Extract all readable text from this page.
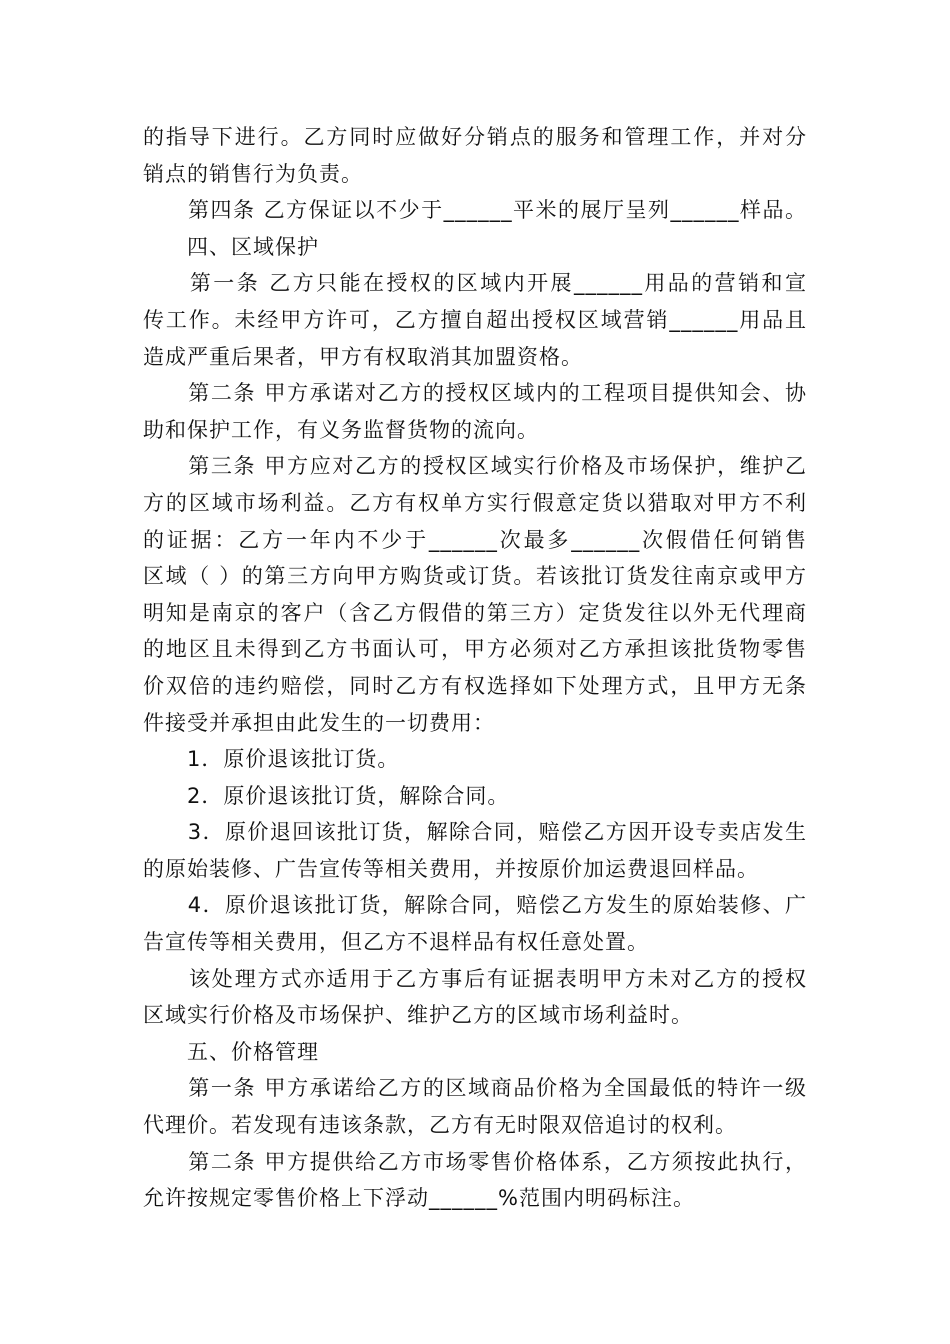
的指导下进行。乙方同时应做好分销点的服务和管理工作，并对分
销点的销售行为负责。
　　第四条 乙方保证以不少于______平米的展厅呈列______样品。
　　四、区域保护
　　第一条 乙方只能在授权的区域内开展______用品的营销和宣
传工作。未经甲方许可，乙方擅自超出授权区域营销______用品且
造成严重后果者，甲方有权取消其加盟资格。
　　第二条 甲方承诺对乙方的授权区域内的工程项目提供知会、协
助和保护工作，有义务监督货物的流向。
　　第三条 甲方应对乙方的授权区域实行价格及市场保护，维护乙
方的区域市场利益。乙方有权单方实行假意定货以猎取对甲方不利
的证据：乙方一年内不少于______次最多______次假借任何销售
区域（ ）的第三方向甲方购货或订货。若该批订货发往南京或甲方
明知是南京的客户（含乙方假借的第三方）定货发往以外无代理商
的地区且未得到乙方书面认可，甲方必须对乙方承担该批货物零售
价双倍的违约赔偿，同时乙方有权选择如下处理方式，且甲方无条
件接受并承担由此发生的一切费用：
　　1．原价退该批订货。
　　2．原价退该批订货，解除合同。
　　3．原价退回该批订货，解除合同，赔偿乙方因开设专卖店发生
的原始装修、广告宣传等相关费用，并按原价加运费退回样品。
　　4．原价退该批订货，解除合同，赔偿乙方发生的原始装修、广
告宣传等相关费用，但乙方不退样品有权任意处置。
　　该处理方式亦适用于乙方事后有证据表明甲方未对乙方的授权
区域实行价格及市场保护、维护乙方的区域市场利益时。
　　五、价格管理
　　第一条 甲方承诺给乙方的区域商品价格为全国最低的特许一级
代理价。若发现有违该条款，乙方有无时限双倍追讨的权利。
　　第二条 甲方提供给乙方市场零售价格体系，乙方须按此执行，
允许按规定零售价格上下浮动______%范围内明码标注。
